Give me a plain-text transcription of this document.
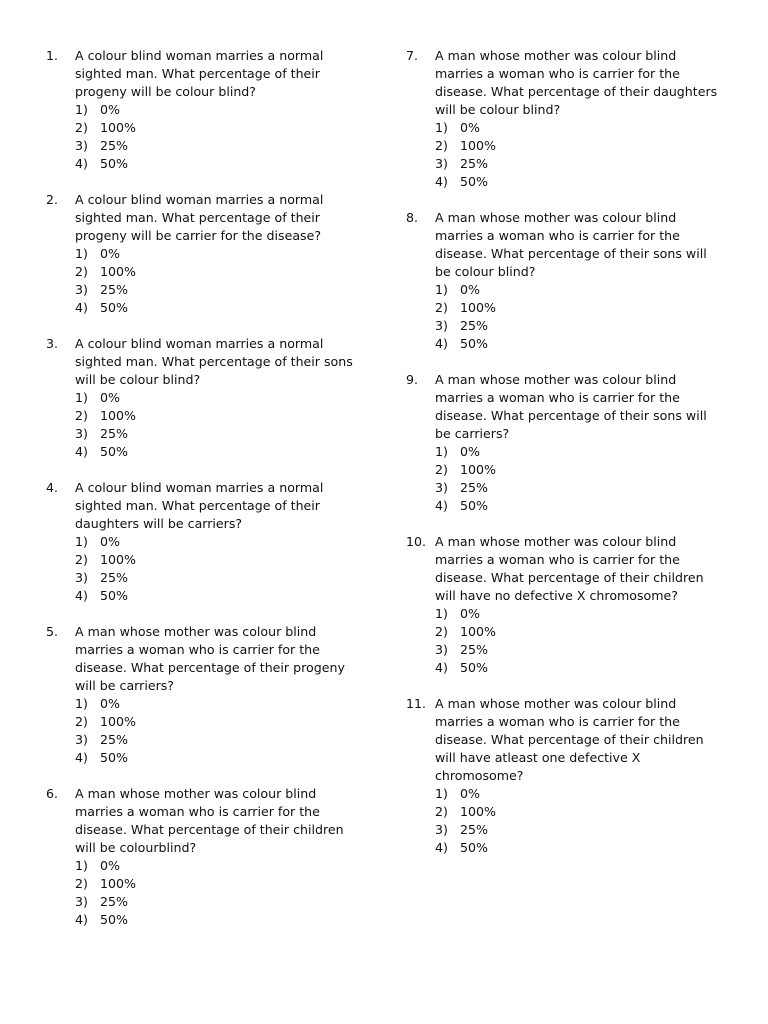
1.	A colour blind woman marries a normal sighted man. What percentage of their progeny will be colour blind?
1) 0%
2) 100%
3) 25%
4) 50%
2.	A colour blind woman marries a normal sighted man. What percentage of their progeny will be carrier for the disease?
1) 0%
2) 100%
3) 25%
4) 50%
3.	A colour blind woman marries a normal sighted man. What percentage of their sons will be colour blind?
1) 0%
2) 100%
3) 25%
4) 50%
4.	A colour blind woman marries a normal sighted man. What percentage of their daughters will be carriers?
1) 0%
2) 100%
3) 25%
4) 50%
5.	A man whose mother was colour blind marries a woman who is carrier for the disease. What percentage of their progeny will be carriers?
1) 0%
2) 100%
3) 25%
4) 50%
6.	A man whose mother was colour blind marries a woman who is carrier for the disease. What percentage of their children will be colourblind?
1) 0%
2) 100%
3) 25%
4) 50%
7.	A man whose mother was colour blind marries a woman who is carrier for the disease. What percentage of their daughters will be colour blind?
1) 0%
2) 100%
3) 25%
4) 50%
8.	A man whose mother was colour blind marries a woman who is carrier for the disease. What percentage of their sons will be colour blind?
1) 0%
2) 100%
3) 25%
4) 50%
9.	A man whose mother was colour blind marries a woman who is carrier for the disease. What percentage of their sons will be carriers?
1) 0%
2) 100%
3) 25%
4) 50%
10. A man whose mother was colour blind marries a woman who is carrier for the disease. What percentage of their children will have no defective X chromosome?
1) 0%
2) 100%
3) 25%
4) 50%
11. A man whose mother was colour blind marries a woman who is carrier for the disease. What percentage of their children will have atleast one defective X chromosome?
1) 0%
2) 100%
3) 25%
4) 50%
